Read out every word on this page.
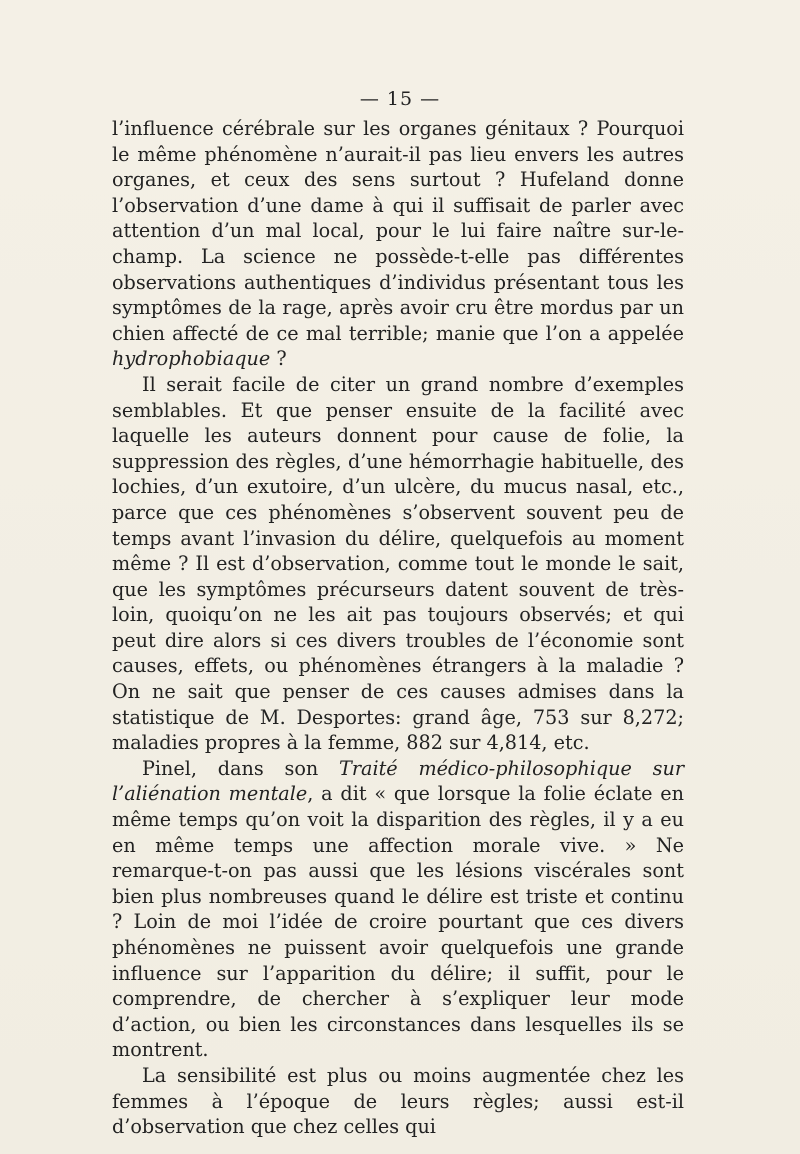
— 15 —

l’influence cérébrale sur les organes génitaux ? Pourquoi le même phénomène n’aurait-il pas lieu envers les autres organes, et ceux des sens surtout ? Hufeland donne l’observation d’une dame à qui il suffisait de parler avec attention d’un mal local, pour le lui faire naître sur-le-champ. La science ne possède-t-elle pas différentes observations authentiques d’individus présentant tous les symptômes de la rage, après avoir cru être mordus par un chien affecté de ce mal terrible; manie que l’on a appelée hydrophobiaque ?

Il serait facile de citer un grand nombre d’exemples semblables. Et que penser ensuite de la facilité avec laquelle les auteurs donnent pour cause de folie, la suppression des règles, d’une hémorrhagie habituelle, des lochies, d’un exutoire, d’un ulcère, du mucus nasal, etc., parce que ces phénomènes s’observent souvent peu de temps avant l’invasion du délire, quelquefois au moment même ? Il est d’observation, comme tout le monde le sait, que les symptômes précurseurs datent souvent de très-loin, quoiqu’on ne les ait pas toujours observés; et qui peut dire alors si ces divers troubles de l’économie sont causes, effets, ou phénomènes étrangers à la maladie ? On ne sait que penser de ces causes admises dans la statistique de M. Desportes: grand âge, 753 sur 8,272; maladies propres à la femme, 882 sur 4,814, etc.

Pinel, dans son Traité médico-philosophique sur l’aliénation mentale, a dit « que lorsque la folie éclate en même temps qu’on voit la disparition des règles, il y a eu en même temps une affection morale vive. » Ne remarque-t-on pas aussi que les lésions viscérales sont bien plus nombreuses quand le délire est triste et continu ? Loin de moi l’idée de croire pourtant que ces divers phénomènes ne puissent avoir quelquefois une grande influence sur l’apparition du délire; il suffit, pour le comprendre, de chercher à s’expliquer leur mode d’action, ou bien les circonstances dans lesquelles ils se montrent.

La sensibilité est plus ou moins augmentée chez les femmes à l’époque de leurs règles; aussi est-il d’observation que chez celles qui
